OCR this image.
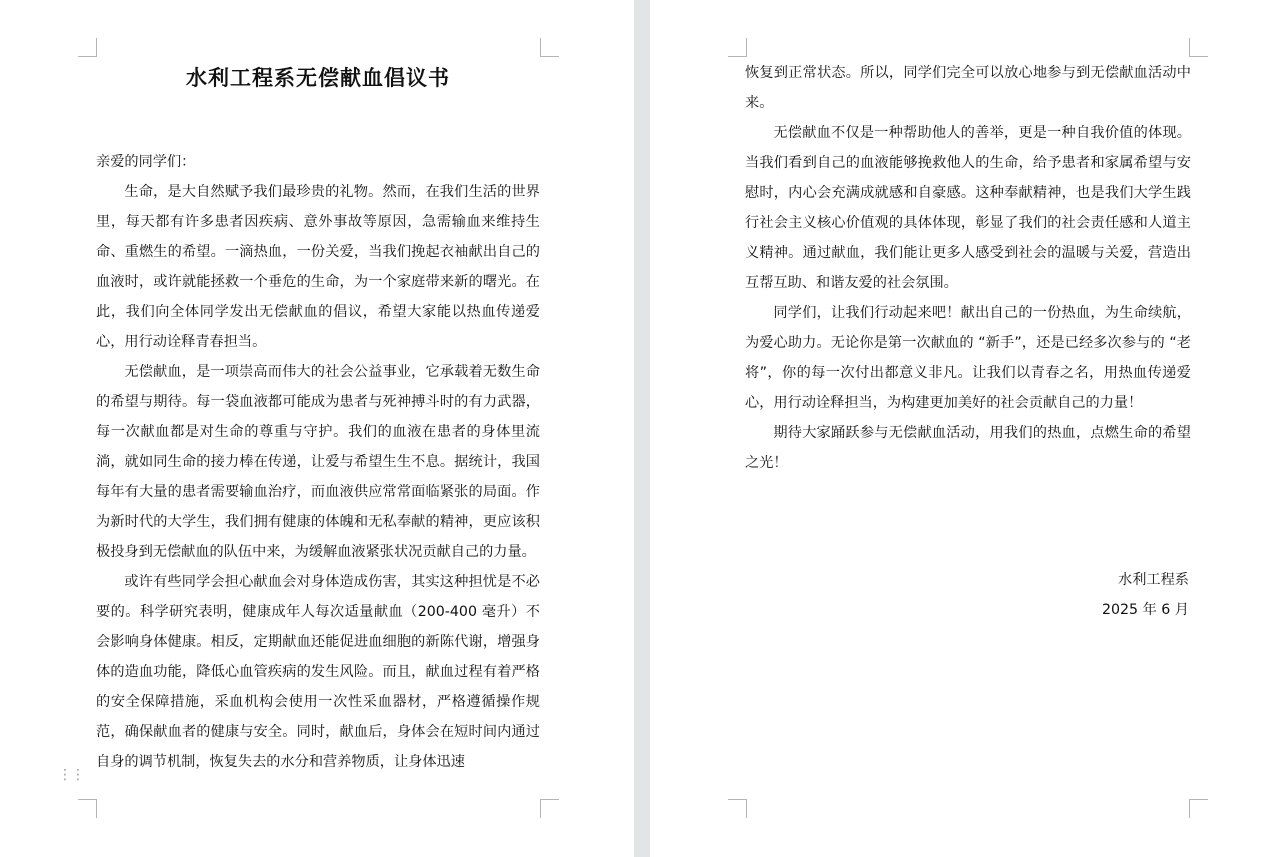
水利工程系无偿献血倡议书

亲爱的同学们：

生命，是大自然赋予我们最珍贵的礼物。然而，在我们生活的世界里，每天都有许多患者因疾病、意外事故等原因，急需输血来维持生命、重燃生的希望。一滴热血，一份关爱，当我们挽起衣袖献出自己的血液时，或许就能拯救一个垂危的生命，为一个家庭带来新的曙光。在此，我们向全体同学发出无偿献血的倡议，希望大家能以热血传递爱心，用行动诠释青春担当。

无偿献血，是一项崇高而伟大的社会公益事业，它承载着无数生命的希望与期待。每一袋血液都可能成为患者与死神搏斗时的有力武器，每一次献血都是对生命的尊重与守护。我们的血液在患者的身体里流淌，就如同生命的接力棒在传递，让爱与希望生生不息。据统计，我国每年有大量的患者需要输血治疗，而血液供应常常面临紧张的局面。作为新时代的大学生，我们拥有健康的体魄和无私奉献的精神，更应该积极投身到无偿献血的队伍中来，为缓解血液紧张状况贡献自己的力量。

或许有些同学会担心献血会对身体造成伤害，其实这种担忧是不必要的。科学研究表明，健康成年人每次适量献血（200-400 毫升）不会影响身体健康。相反，定期献血还能促进血细胞的新陈代谢，增强身体的造血功能，降低心血管疾病的发生风险。而且，献血过程有着严格的安全保障措施，采血机构会使用一次性采血器材，严格遵循操作规范，确保献血者的健康与安全。同时，献血后，身体会在短时间内通过自身的调节机制，恢复失去的水分和营养物质，让身体迅速

⋮⋮

恢复到正常状态。所以，同学们完全可以放心地参与到无偿献血活动中来。

无偿献血不仅是一种帮助他人的善举，更是一种自我价值的体现。当我们看到自己的血液能够挽救他人的生命，给予患者和家属希望与安慰时，内心会充满成就感和自豪感。这种奉献精神，也是我们大学生践行社会主义核心价值观的具体体现，彰显了我们的社会责任感和人道主义精神。通过献血，我们能让更多人感受到社会的温暖与关爱，营造出互帮互助、和谐友爱的社会氛围。

同学们，让我们行动起来吧！献出自己的一份热血，为生命续航，为爱心助力。无论你是第一次献血的 “新手”，还是已经多次参与的 “老将”，你的每一次付出都意义非凡。让我们以青春之名，用热血传递爱心，用行动诠释担当，为构建更加美好的社会贡献自己的力量！

期待大家踊跃参与无偿献血活动，用我们的热血，点燃生命的希望之光！

水利工程系
2025 年 6 月
